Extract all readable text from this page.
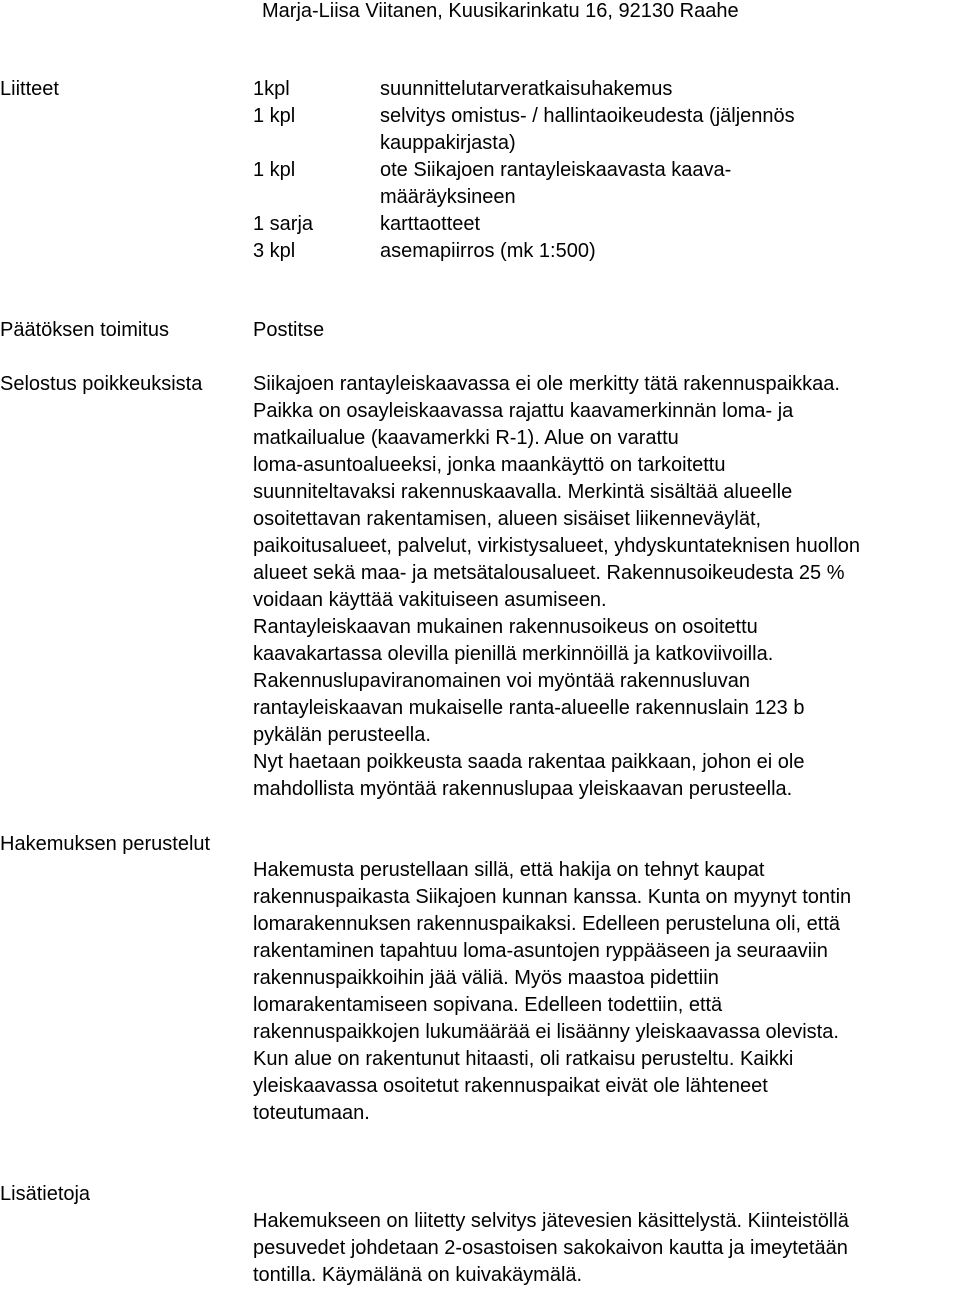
Marja-Liisa Viitanen, Kuusikarinkatu 16, 92130 Raahe
Liitteet	1kpl	suunnittelutarveratkaisuhakemus
1 kpl	selvitys omistus- / hallintaoikeudesta (jäljennös
kauppakirjasta)
1 kpl	ote Siikajoen rantayleiskaavasta kaava-
määräyksineen
1 sarja	karttaotteet
3 kpl	asemapiirros (mk 1:500)
Päätöksen toimitus	Postitse
Selostus poikkeuksista	Siikajoen rantayleiskaavassa ei ole merkitty tätä rakennuspaikkaa.
Paikka on osayleiskaavassa rajattu kaavamerkinnän loma- ja
matkailualue (kaavamerkki R-1). Alue on varattu
loma-asuntoalueeksi, jonka maankäyttö on tarkoitettu
suunniteltavaksi rakennuskaavalla. Merkintä sisältää alueelle
osoitettavan rakentamisen, alueen sisäiset liikenneväylät,
paikoitusalueet, palvelut, virkistysalueet, yhdyskuntateknisen huollon
alueet sekä maa- ja metsätalousalueet. Rakennusoikeudesta 25 %
voidaan käyttää vakituiseen asumiseen.
Rantayleiskaavan mukainen rakennusoikeus on osoitettu
kaavakartassa olevilla pienillä merkinnöillä ja katkoviivoilla.
Rakennuslupaviranomainen voi myöntää rakennusluvan
rantayleiskaavan mukaiselle ranta-alueelle rakennuslain 123 b
pykälän perusteella.
Nyt haetaan poikkeusta saada rakentaa paikkaan, johon ei ole
mahdollista myöntää rakennuslupaa yleiskaavan perusteella.
Hakemuksen perustelut
Hakemusta perustellaan sillä, että hakija on tehnyt kaupat
rakennuspaikasta Siikajoen kunnan kanssa. Kunta on myynyt tontin
lomarakennuksen rakennuspaikaksi. Edelleen perusteluna oli, että
rakentaminen tapahtuu loma-asuntojen ryppääseen ja seuraaviin
rakennuspaikkoihin jää väliä. Myös maastoa pidettiin
lomarakentamiseen sopivana. Edelleen todettiin, että
rakennuspaikkojen lukumäärää ei lisäänny yleiskaavassa olevista.
Kun alue on rakentunut hitaasti, oli ratkaisu perusteltu. Kaikki
yleiskaavassa osoitetut rakennuspaikat eivät ole lähteneet
toteutumaan.
Lisätietoja
Hakemukseen on liitetty selvitys jätevesien käsittelystä. Kiinteistöllä
pesuvedet johdetaan 2-osastoisen sakokaivon kautta ja imeytetään
tontilla. Käymälänä on kuivakäymälä.
